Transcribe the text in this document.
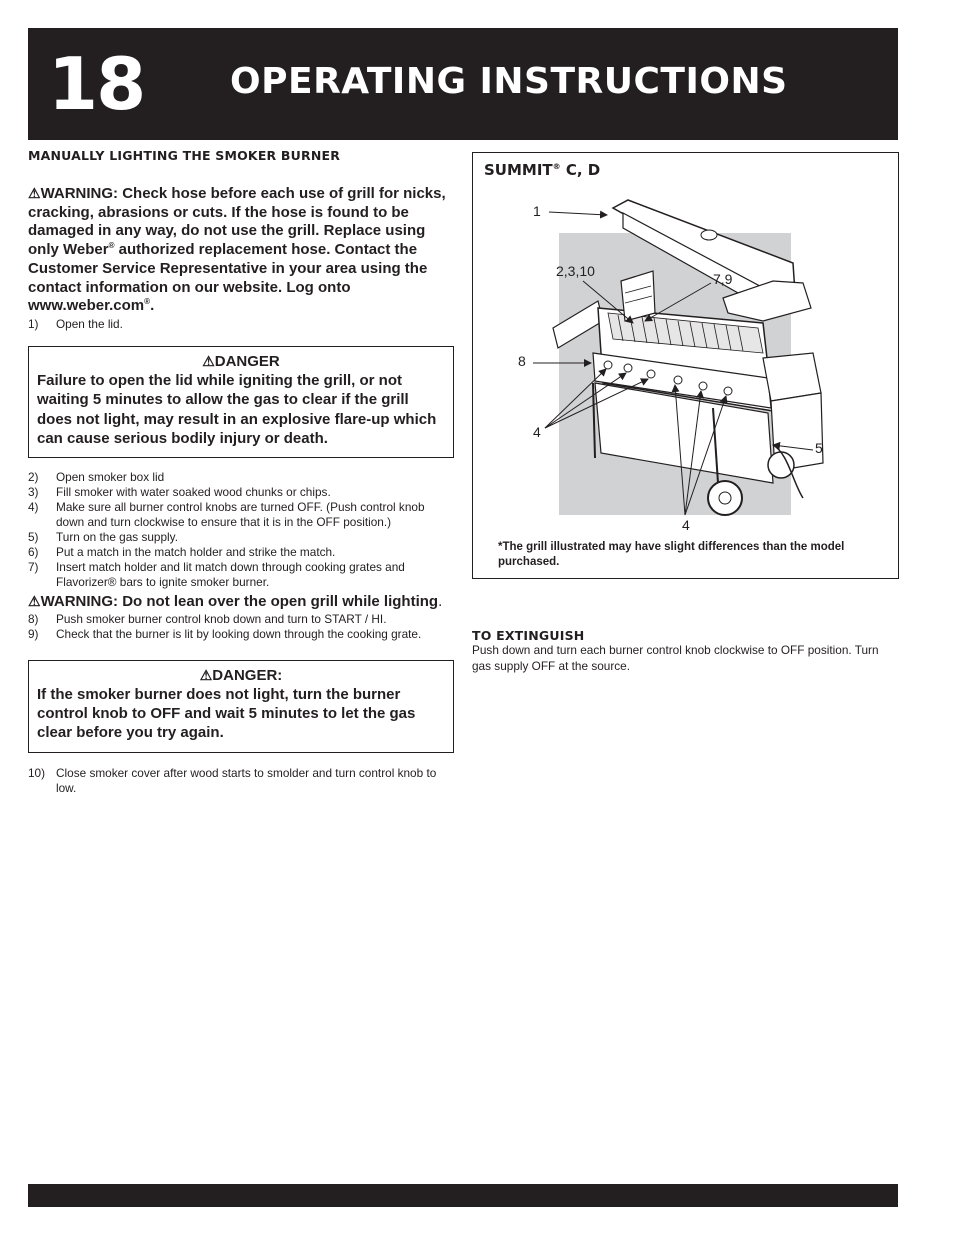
18 OPERATING INSTRUCTIONS

MANUALLY LIGHTING THE SMOKER BURNER

⚠WARNING: Check hose before each use of grill for nicks, cracking, abrasions or cuts. If the hose is found to be damaged in any way, do not use the grill. Replace using only Weber® authorized replacement hose. Contact the Customer Service Representative in your area using the contact information on our website. Log onto www.weber.com®.

1) Open the lid.
⚠DANGER
Failure to open the lid while igniting the grill, or not waiting 5 minutes to allow the gas to clear if the grill does not light, may result in an explosive flare-up which can cause serious bodily injury or death.
2) Open smoker box lid
3) Fill smoker with water soaked wood chunks or chips.
4) Make sure all burner control knobs are turned OFF. (Push control knob down and turn clockwise to ensure that it is in the OFF position.)
5) Turn on the gas supply.
6) Put a match in the match holder and strike the match.
7) Insert match holder and lit match down through cooking grates and Flavorizer® bars to ignite smoker burner.

⚠WARNING: Do not lean over the open grill while lighting.

8) Push smoker burner control knob down and turn to START / HI.
9) Check that the burner is lit by looking down through the cooking grate.
⚠DANGER:
If the smoker burner does not light, turn the burner control knob to OFF and wait 5 minutes to let the gas clear before you try again.
10) Close smoker cover after wood starts to smolder and turn control knob to low.
SUMMIT® C, D
1
2,3,10	7,9
8
4
5
4
*The grill illustrated may have slight differences than the model purchased.

TO EXTINGUISH

Push down and turn each burner control knob clockwise to OFF position. Turn gas supply OFF at the source.
